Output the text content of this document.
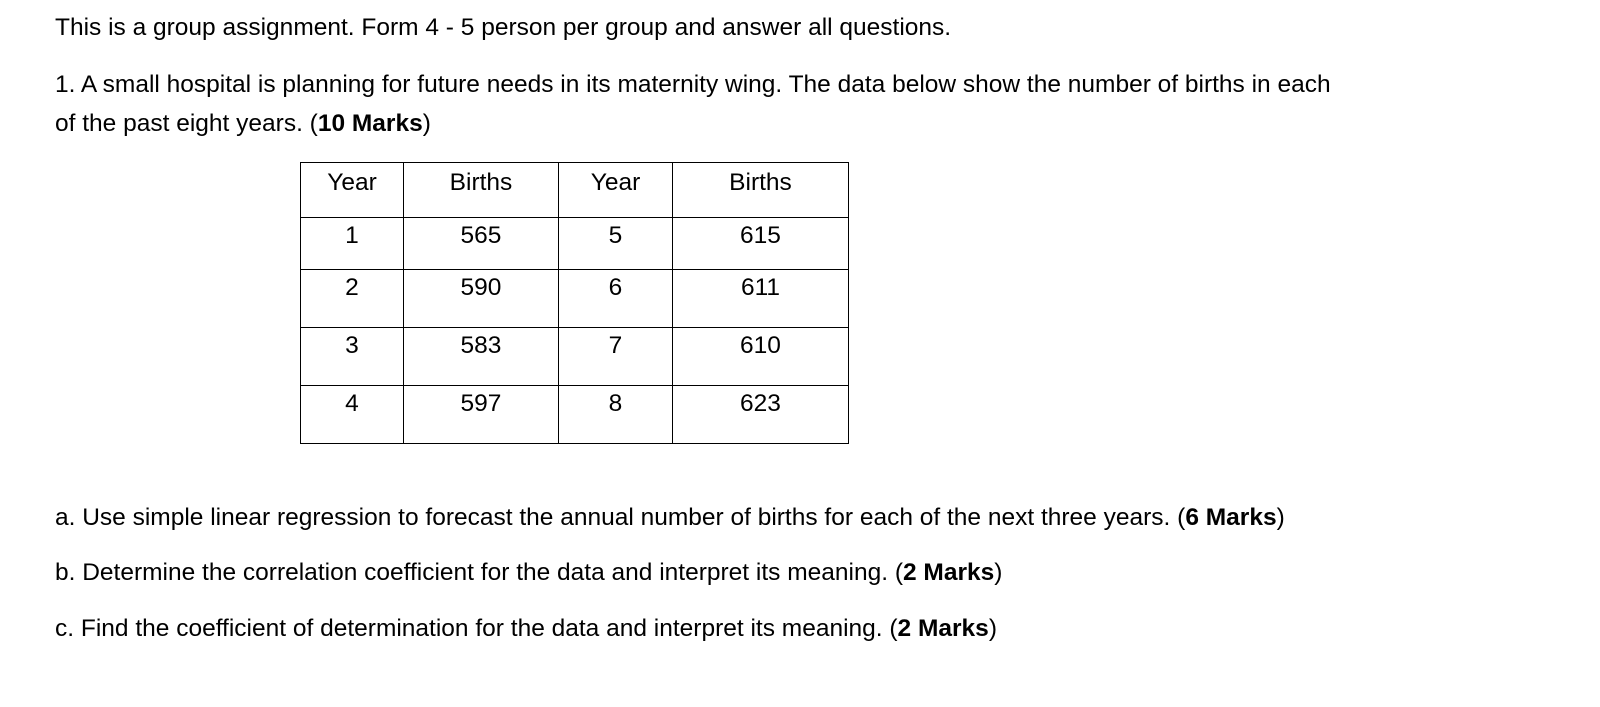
This is a group assignment. Form 4 - 5 person per group and answer all questions.
1. A small hospital is planning for future needs in its maternity wing. The data below show the number of births in each
of the past eight years. (10 Marks)
Year	Births	Year	Births
1	565	5	615
2	590	6	611
3	583	7	610
4	597	8	623
a. Use simple linear regression to forecast the annual number of births for each of the next three years. (6 Marks)
b. Determine the correlation coefficient for the data and interpret its meaning. (2 Marks)
c. Find the coefficient of determination for the data and interpret its meaning. (2 Marks)
